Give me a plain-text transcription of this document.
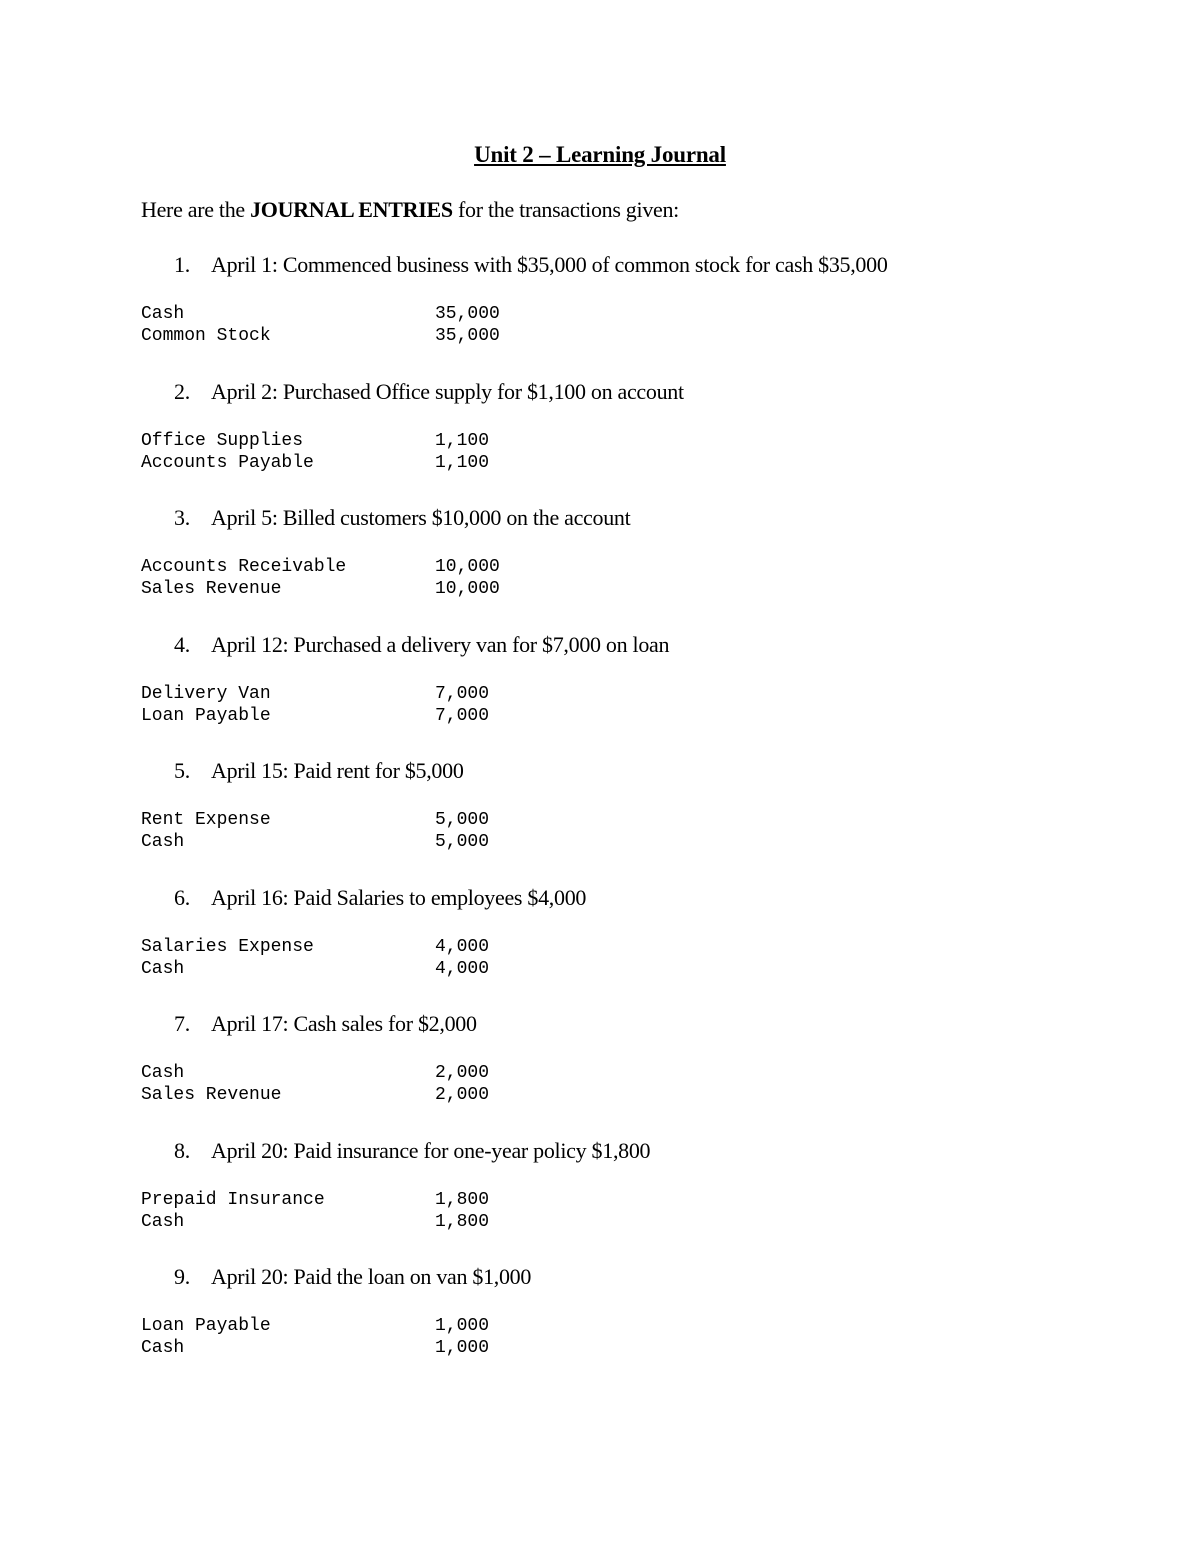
Unit 2 – Learning Journal
Here are the JOURNAL ENTRIES for the transactions given:
1. April 1: Commenced business with $35,000 of common stock for cash $35,000
Cash	35,000
Common Stock	35,000
2. April 2: Purchased Office supply for $1,100 on account
Office Supplies	1,100
Accounts Payable	1,100
3. April 5: Billed customers $10,000 on the account
Accounts Receivable	10,000
Sales Revenue	10,000
4. April 12: Purchased a delivery van for $7,000 on loan
Delivery Van	7,000
Loan Payable	7,000
5. April 15: Paid rent for $5,000
Rent Expense	5,000
Cash	5,000
6. April 16: Paid Salaries to employees $4,000
Salaries Expense	4,000
Cash	4,000
7. April 17: Cash sales for $2,000
Cash	2,000
Sales Revenue	2,000
8. April 20: Paid insurance for one-year policy $1,800
Prepaid Insurance	1,800
Cash	1,800
9. April 20: Paid the loan on van $1,000
Loan Payable	1,000
Cash	1,000
